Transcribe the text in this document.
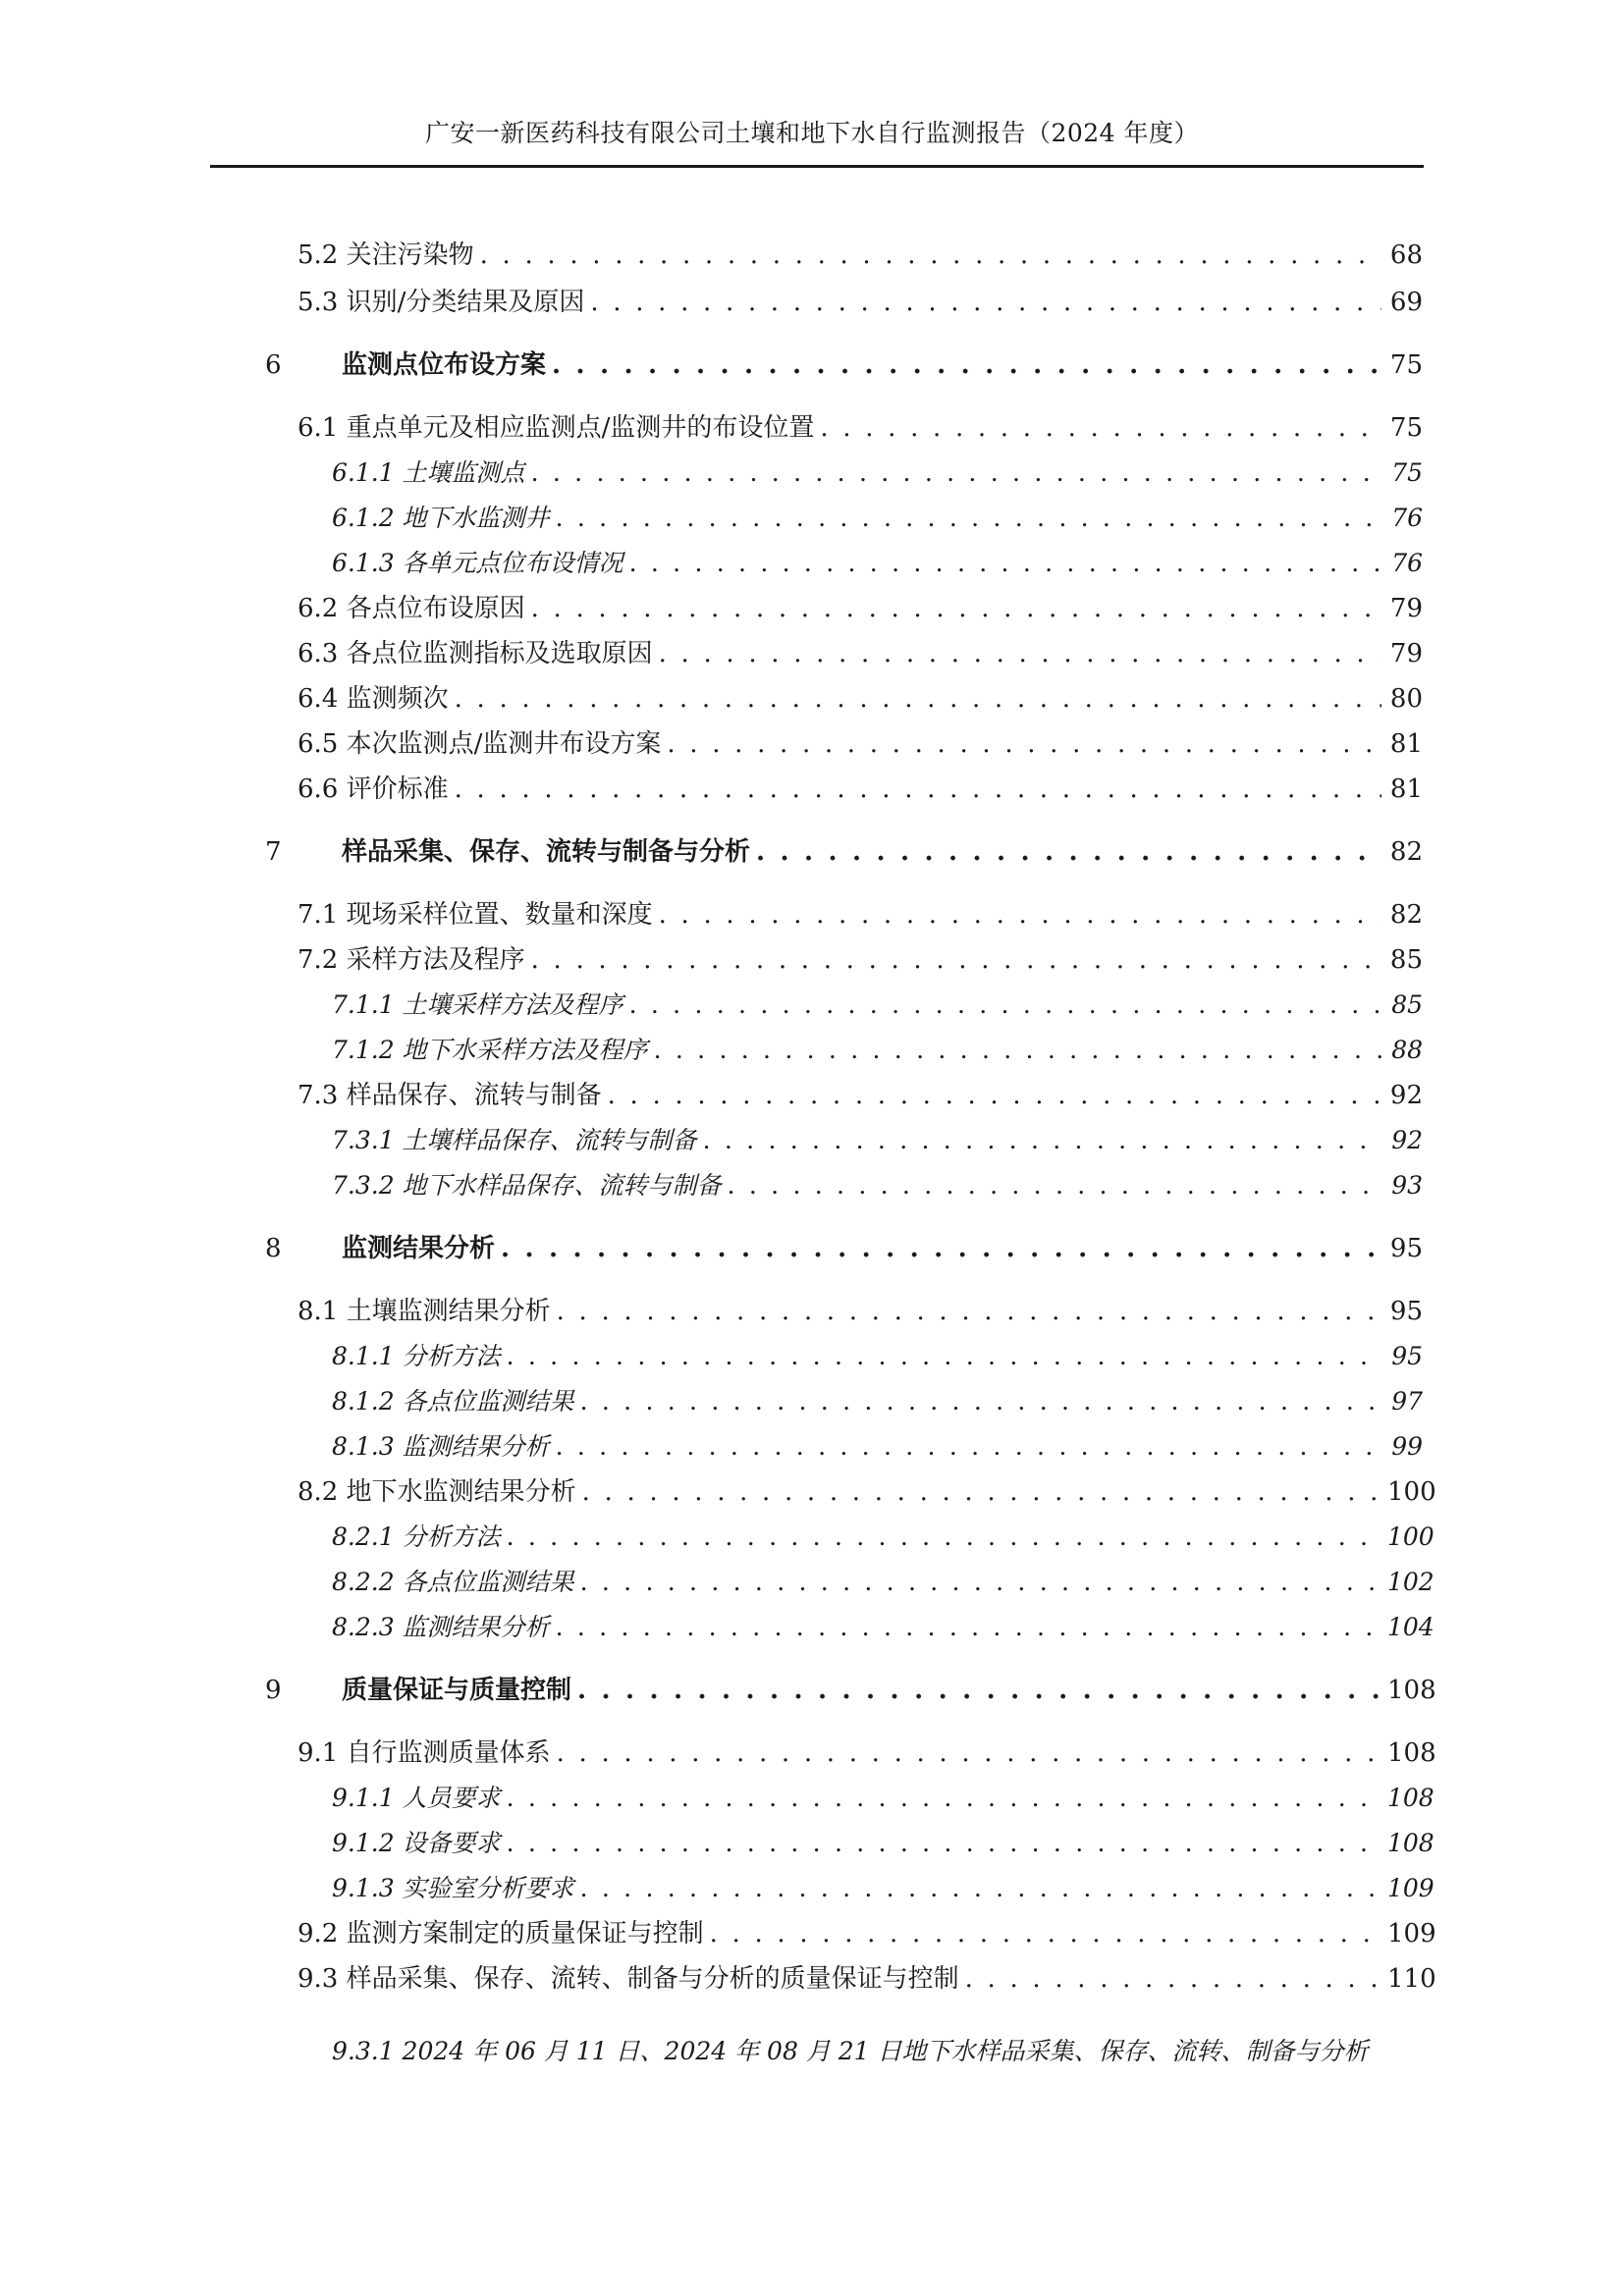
广安一新医药科技有限公司土壤和地下水自行监测报告（2024 年度）
5.2 关注污染物 . . .	68
5.3 识别/分类结果及原因 . . .	69
6 监测点位布设方案 . . .	75
6.1 重点单元及相应监测点/监测井的布设位置 . . .	75
6.1.1 土壤监测点 . . .	75
6.1.2 地下水监测井 . . .	76
6.1.3 各单元点位布设情况 . . .	76
6.2 各点位布设原因 . . .	79
6.3 各点位监测指标及选取原因 . . .	79
6.4 监测频次 . . .	80
6.5 本次监测点/监测井布设方案 . . .	81
6.6 评价标准 . . .	81
7 样品采集、保存、流转与制备与分析 . . .	82
7.1 现场采样位置、数量和深度 . . .	82
7.2 采样方法及程序 . . .	85
7.1.1 土壤采样方法及程序 . . .	85
7.1.2 地下水采样方法及程序 . . .	88
7.3 样品保存、流转与制备 . . .	92
7.3.1 土壤样品保存、流转与制备 . . .	92
7.3.2 地下水样品保存、流转与制备 . . .	93
8 监测结果分析 . . .	95
8.1 土壤监测结果分析 . . .	95
8.1.1 分析方法 . . .	95
8.1.2 各点位监测结果 . . .	97
8.1.3 监测结果分析 . . .	99
8.2 地下水监测结果分析 . . .	100
8.2.1 分析方法 . . .	100
8.2.2 各点位监测结果 . . .	102
8.2.3 监测结果分析 . . .	104
9 质量保证与质量控制 . . .	108
9.1 自行监测质量体系 . . .	108
9.1.1 人员要求 . . .	108
9.1.2 设备要求 . . .	108
9.1.3 实验室分析要求 . . .	109
9.2 监测方案制定的质量保证与控制 . . .	109
9.3 样品采集、保存、流转、制备与分析的质量保证与控制 . . .	110
9.3.1 2024 年 06 月 11 日、2024 年 08 月 21 日地下水样品采集、保存、流转、制备与分析
